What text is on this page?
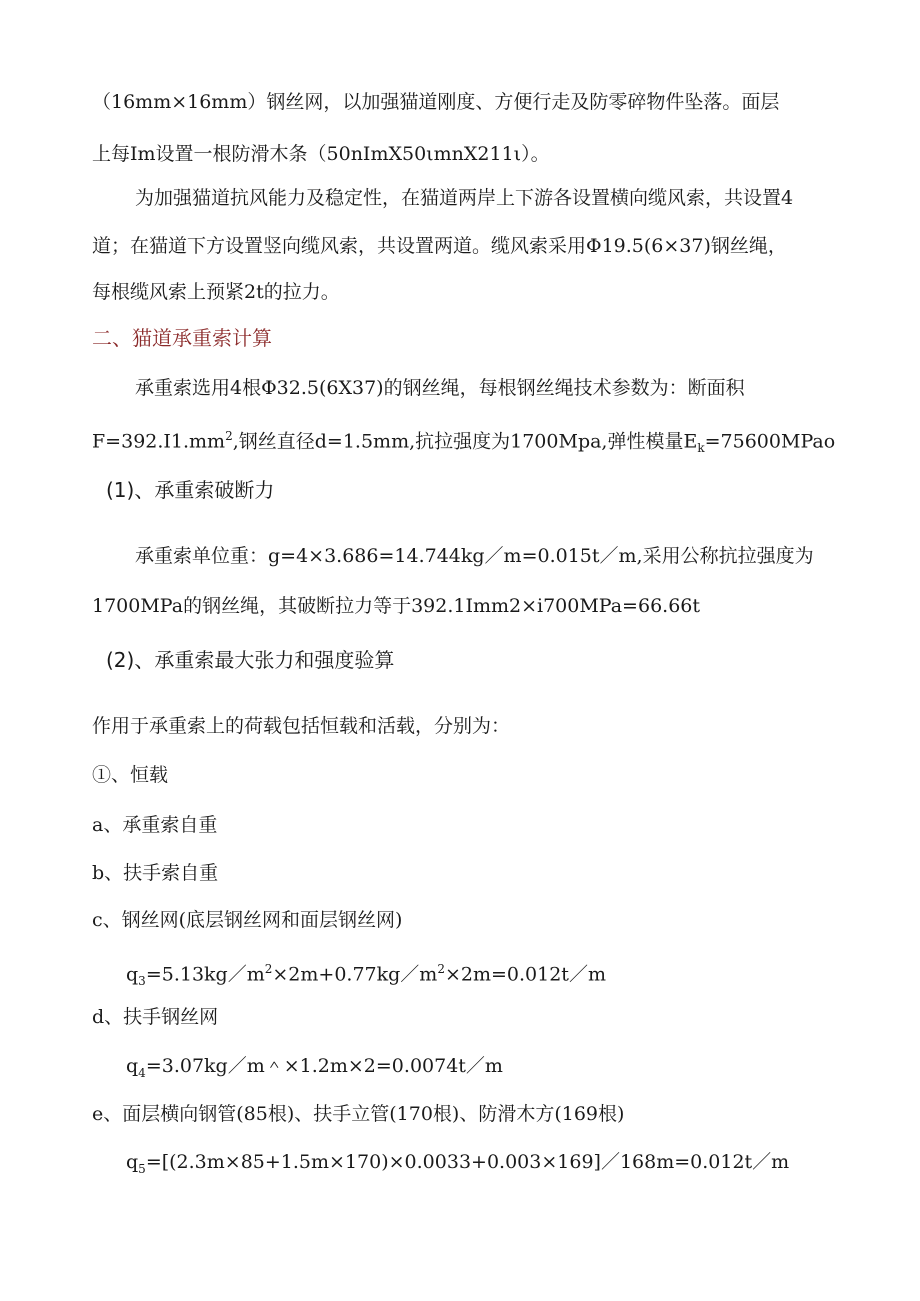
（16mm×16mm）钢丝网，以加强猫道刚度、方便行走及防零碎物件坠落。面层
上每Im设置一根防滑木条（50nImX50ιmnX211ι）。
为加强猫道抗风能力及稳定性，在猫道两岸上下游各设置横向缆风索，共设置4
道；在猫道下方设置竖向缆风索，共设置两道。缆风索采用Φ19.5(6×37)钢丝绳，
每根缆风索上预紧2t的拉力。
二、猫道承重索计算
承重索选用4根Φ32.5(6X37)的钢丝绳，每根钢丝绳技术参数为：断面积
$F=392.I1.mm^2$,钢丝直径d=1.5mm,抗拉强度为1700Mpa,弹性模量$E_k=75600MPao$
(1)、承重索破断力
承重索单位重：g=4×3.686=14.744kg／m=0.015t／m,采用公称抗拉强度为
1700MPa的钢丝绳，其破断拉力等于392.1Imm2×i700MPa=66.66t
(2)、承重索最大张力和强度验算
作用于承重索上的荷载包括恒载和活载，分别为：
①、恒载
a、承重索自重
b、扶手索自重
c、钢丝网(底层钢丝网和面层钢丝网)
$q_3=5.13kg/m^2\times 2m+0.77kg/m^2\times 2m=0.012t/m$
d、扶手钢丝网
$q_4=3.07kg/m\^{}\times 1.2m\times 2=0.0074t/m$
e、面层横向钢管(85根)、扶手立管(170根)、防滑木方(169根)
$q_5=[(2.3m\times 85+1.5m\times 170)\times 0.0033+0.003\times 169]/168m=0.012t/m$
